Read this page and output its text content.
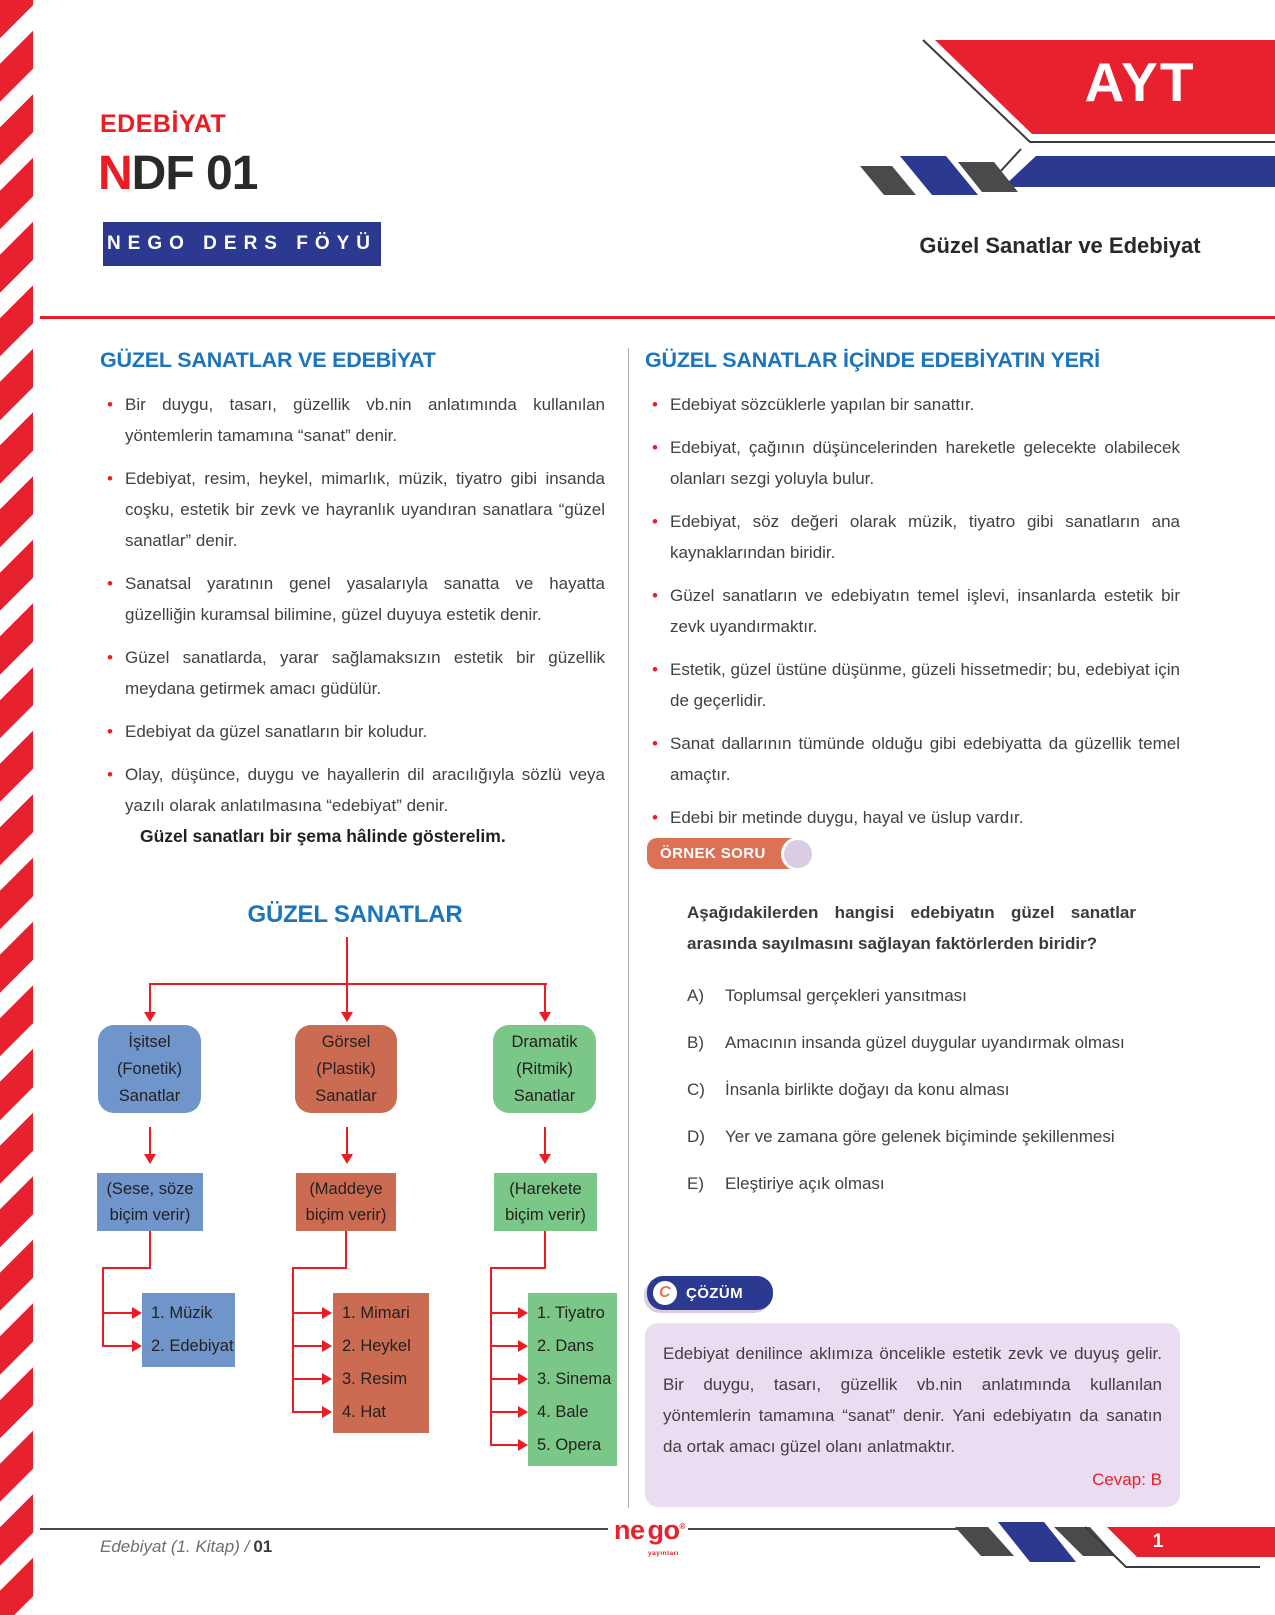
EDEBİYAT
NDF 01
NEGO DERS FÖYÜ
AYT
Güzel Sanatlar ve Edebiyat
GÜZEL SANATLAR VE EDEBİYAT
• Bir duygu, tasarı, güzellik vb.nin anlatımında kullanılan yöntemlerin tamamına “sanat” denir.
• Edebiyat, resim, heykel, mimarlık, müzik, tiyatro gibi insanda coşku, estetik bir zevk ve hayranlık uyandıran sanatlara “güzel sanatlar” denir.
• Sanatsal yaratının genel yasalarıyla sanatta ve hayatta güzelliğin kuramsal bilimine, güzel duyuya estetik denir.
• Güzel sanatlarda, yarar sağlamaksızın estetik bir güzellik meydana getirmek amacı güdülür.
• Edebiyat da güzel sanatların bir koludur.
• Olay, düşünce, duygu ve hayallerin dil aracılığıyla sözlü veya yazılı olarak anlatılmasına “edebiyat” denir.
Güzel sanatları bir şema hâlinde gösterelim.
GÜZEL SANATLAR
İşitsel
(Fonetik)
Sanatlar
Görsel
(Plastik)
Sanatlar
Dramatik
(Ritmik)
Sanatlar
(Sese, söze
biçim verir)
(Maddeye
biçim verir)
(Harekete
biçim verir)
1. Müzik
2. Edebiyat
1. Mimari
2. Heykel
3. Resim
4. Hat
1. Tiyatro
2. Dans
3. Sinema
4. Bale
5. Opera
GÜZEL SANATLAR İÇİNDE EDEBİYATIN YERİ
• Edebiyat sözcüklerle yapılan bir sanattır.
• Edebiyat, çağının düşüncelerinden hareketle gelecekte olabilecek olanları sezgi yoluyla bulur.
• Edebiyat, söz değeri olarak müzik, tiyatro gibi sanatların ana kaynaklarından biridir.
• Güzel sanatların ve edebiyatın temel işlevi, insanlarda estetik bir zevk uyandırmaktır.
• Estetik, güzel üstüne düşünme, güzeli hissetmedir; bu, edebiyat için de geçerlidir.
• Sanat dallarının tümünde olduğu gibi edebiyatta da güzellik temel amaçtır.
• Edebi bir metinde duygu, hayal ve üslup vardır.
ÖRNEK SORU
Aşağıdakilerden hangisi edebiyatın güzel sanatlar arasında sayılmasını sağlayan faktörlerden biridir?
A)	Toplumsal gerçekleri yansıtması
B)	Amacının insanda güzel duygular uyandırmak olması
C)	İnsanla birlikte doğayı da konu alması
D)	Yer ve zamana göre gelenek biçiminde şekillenmesi
E)	Eleştiriye açık olması
C	ÇÖZÜM
Edebiyat denilince aklımıza öncelikle estetik zevk ve duyuş gelir. Bir duygu, tasarı, güzellik vb.nin anlatımında kullanılan yöntemlerin tamamına “sanat” denir. Yani edebiyatın da sanatın da ortak amacı güzel olanı anlatmaktır.
Cevap: B
Edebiyat (1. Kitap) / 01
ne go®
yayınları
1
